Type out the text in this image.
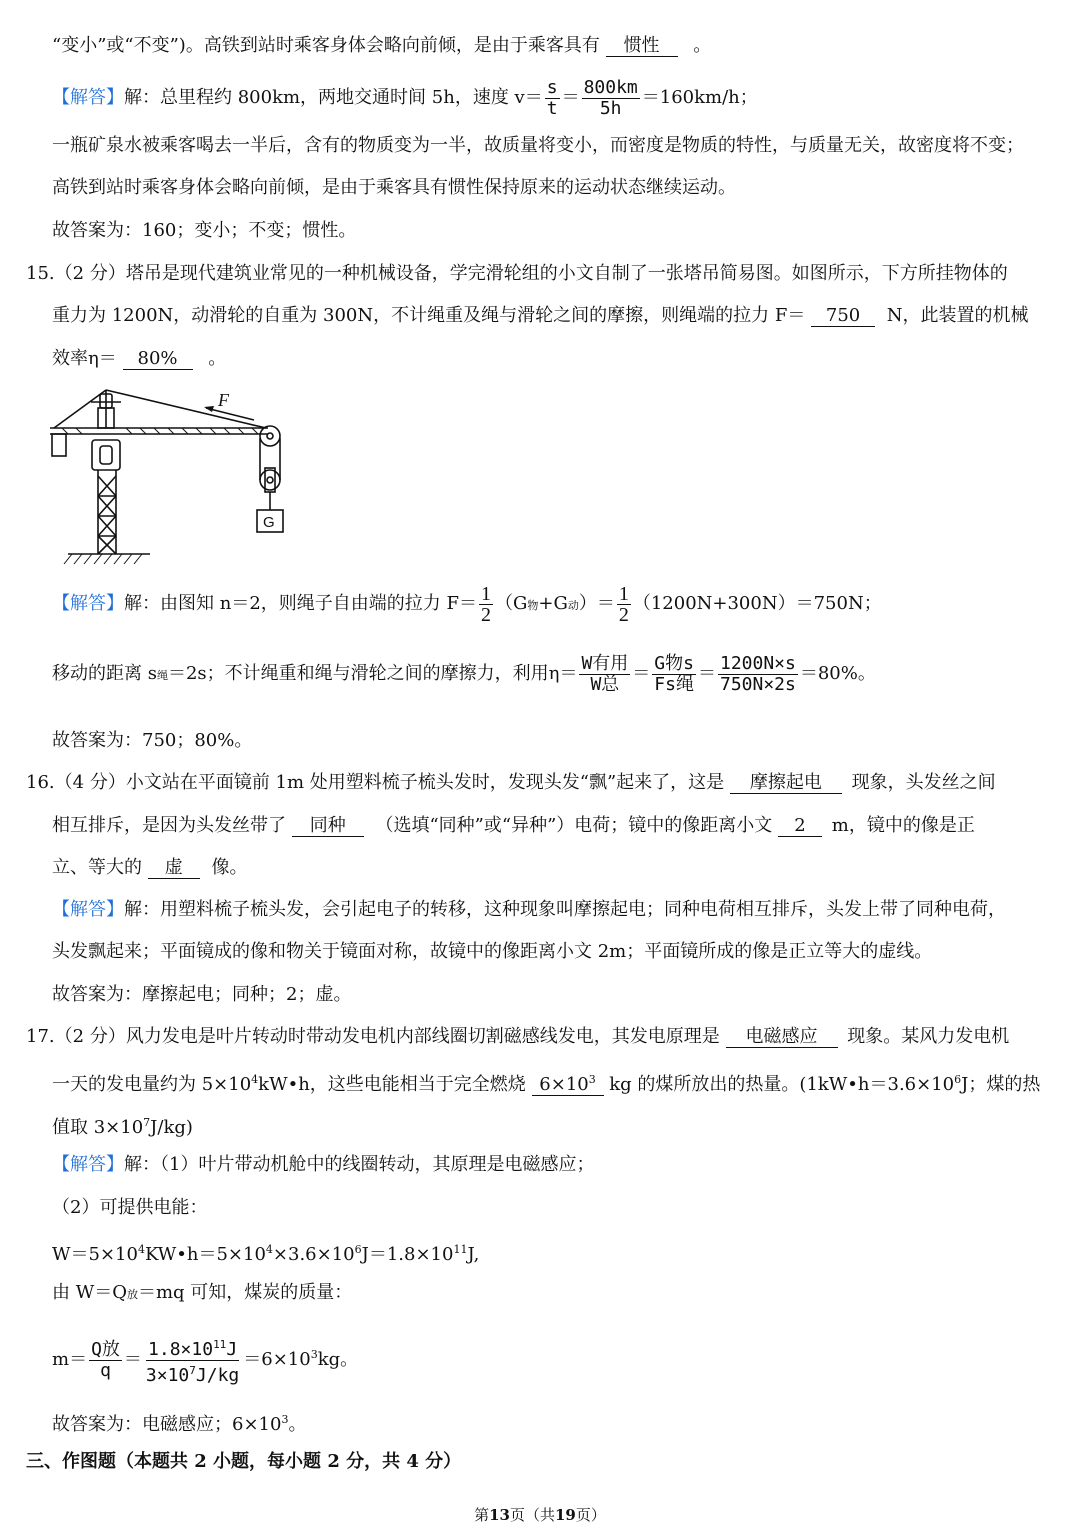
“变小”或“不变”)。高铁到站时乘客身体会略向前倾，是由于乘客具有 惯性 。
【解答】解：总里程约 800km，两地交通时间 5h，速度 $v= \frac{s}{t} = \frac{800km}{5h} =160km/h$；
一瓶矿泉水被乘客喝去一半后，含有的物质变为一半，故质量将变小，而密度是物质的特性，与质量无关，故密度将不变；
高铁到站时乘客身体会略向前倾，是由于乘客具有惯性保持原来的运动状态继续运动。
故答案为：160；变小；不变；惯性。
15.（2 分）塔吊是现代建筑业常见的一种机械设备，学完滑轮组的小文自制了一张塔吊简易图。如图所示，下方所挂物体的
重力为 1200N，动滑轮的自重为 300N，不计绳重及绳与滑轮之间的摩擦，则绳端的拉力 F＝ 750 N，此装置的机械
效率η＝ 80% 。
F
G
【解答】解：由图知 n＝2，则绳子自由端的拉力 $F= \frac{1}{2} (G$物+G动）＝ $\frac{1}{2} (1200N+300N)=750N$；
移动的距离 s绳＝2s；不计绳重和绳与滑轮之间的摩擦力，利用η＝ W有用
W总 ＝ G物s
Fs绳 ＝ $\frac{1200N\times s}{750N\times 2s} =80\%$。
故答案为：750；80%。
16.（4 分）小文站在平面镜前 1m 处用塑料梳子梳头发时，发现头发“飘”起来了，这是 摩擦起电 现象，头发丝之间
相互排斥，是因为头发丝带了 同种 （选填“同种”或“异种”）电荷；镜中的像距离小文 2 m，镜中的像是正
立、等大的 虚 像。
【解答】解：用塑料梳子梳头发，会引起电子的转移，这种现象叫摩擦起电；同种电荷相互排斥，头发上带了同种电荷，
头发飘起来；平面镜成的像和物关于镜面对称，故镜中的像距离小文 2m；平面镜所成的像是正立等大的虚线。
故答案为：摩擦起电；同种；2；虚。
17.（2 分）风力发电是叶片转动时带动发电机内部线圈切割磁感线发电，其发电原理是 电磁感应 现象。某风力发电机
一天的发电量约为 $5\times 10^4kW•h$，这些电能相当于完全燃烧 $6\times 10^3$ kg 的煤所放出的热量。($1kW•h=3.6\times 10^6J$；煤的热
值取 $3\times 10^7J/kg$)
【解答】解：（1）叶片带动机舱中的线圈转动，其原理是电磁感应；
（2）可提供电能：
$W=5\times 10^4KW•h=5\times 10^4\times 3.6\times 10^6J=1.8\times 10^{11}J$,
由 W＝Q放＝mq 可知，煤炭的质量：
m＝ Q放
$q = \frac{1.8\times 10^{11}J}{3\times 10^7J/kg} =6\times 10^3kg$。
故答案为：电磁感应；$6\times 10^3$。
三、作图题（本题共 2 小题，每小题 2 分，共 4 分）
第13页（共19页）
